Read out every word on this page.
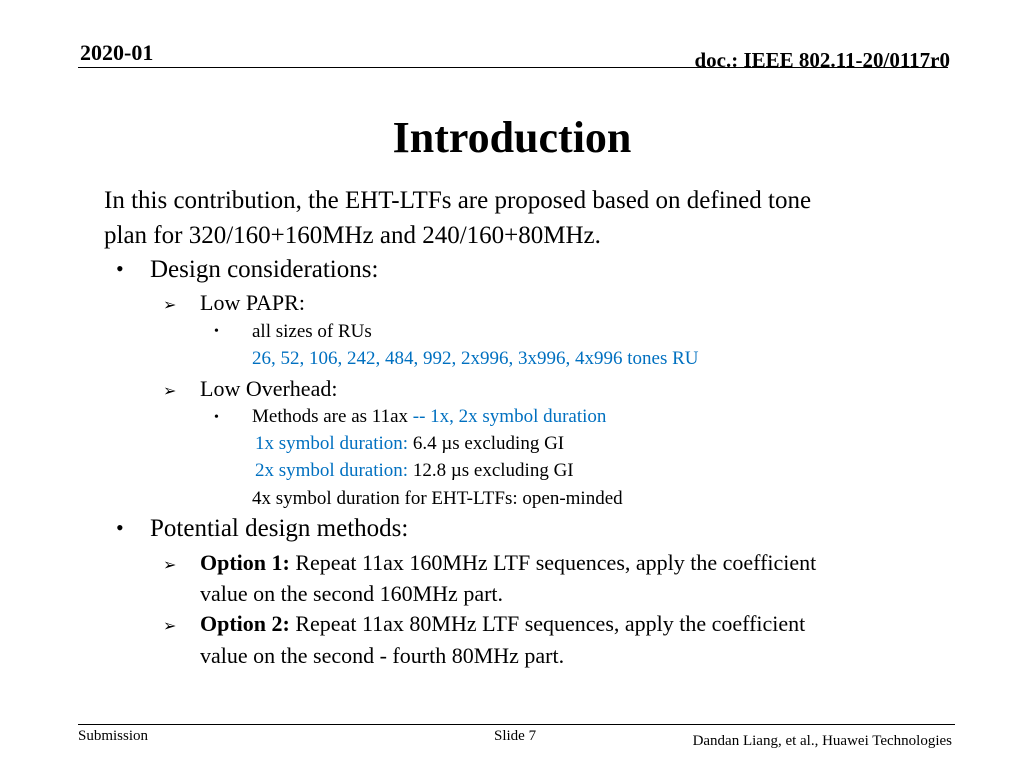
2020-01	doc.: IEEE 802.11-20/0117r0
Introduction
In this contribution, the EHT-LTFs are proposed based on defined tone
plan for 320/160+160MHz and 240/160+80MHz.
• Design considerations:
➢ Low PAPR:
• all sizes of RUs
26, 52, 106, 242, 484, 992, 2x996, 3x996, 4x996 tones RU
➢ Low Overhead:
• Methods are as 11ax -- 1x, 2x symbol duration
1x symbol duration: 6.4 µs excluding GI
2x symbol duration: 12.8 µs excluding GI
4x symbol duration for EHT-LTFs: open-minded
• Potential design methods:
➢ Option 1: Repeat 11ax 160MHz LTF sequences, apply the coefficient
value on the second 160MHz part.
➢ Option 2: Repeat 11ax 80MHz LTF sequences, apply the coefficient
value on the second - fourth 80MHz part.
Submission	Slide 7	Dandan Liang, et al., Huawei Technologies
